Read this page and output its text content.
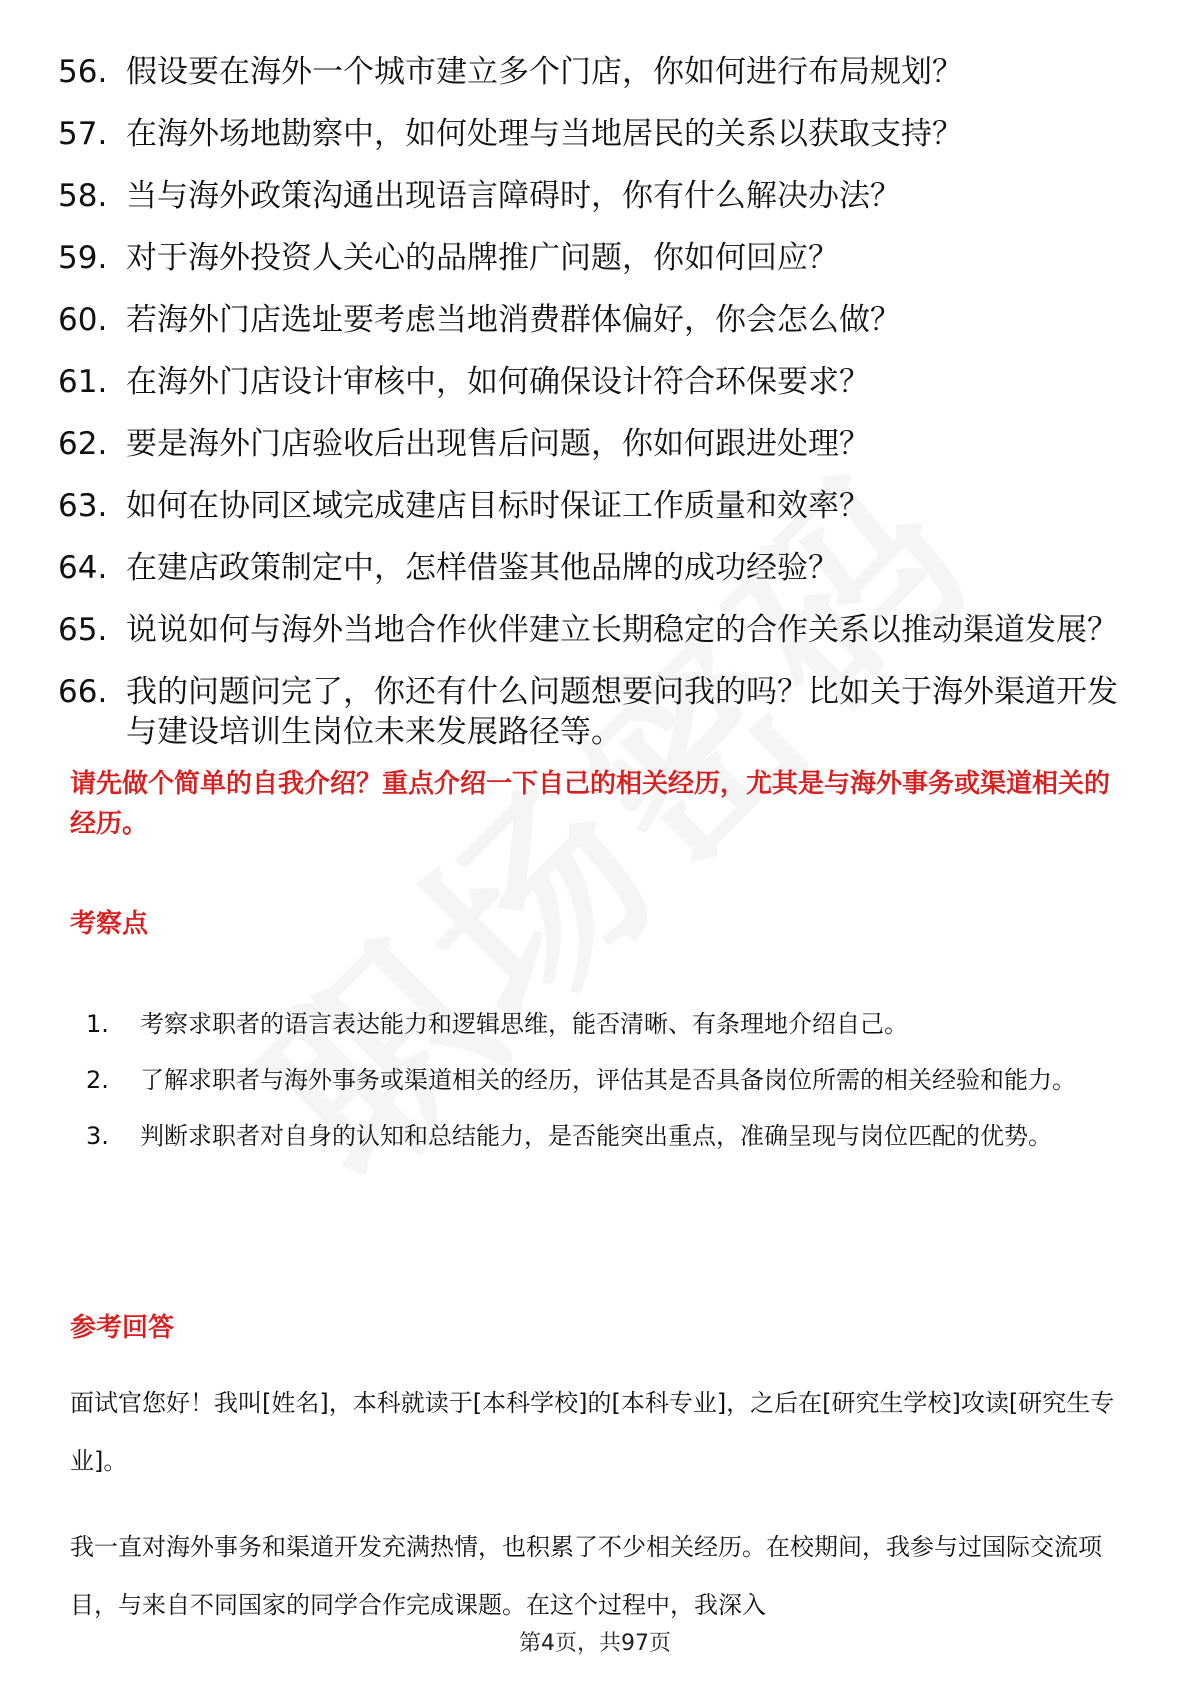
56. 假设要在海外一个城市建立多个门店，你如何进行布局规划？
57. 在海外场地勘察中，如何处理与当地居民的关系以获取支持？
58. 当与海外政策沟通出现语言障碍时，你有什么解决办法？
59. 对于海外投资人关心的品牌推广问题，你如何回应？
60. 若海外门店选址要考虑当地消费群体偏好，你会怎么做？
61. 在海外门店设计审核中，如何确保设计符合环保要求？
62. 要是海外门店验收后出现售后问题，你如何跟进处理？
63. 如何在协同区域完成建店目标时保证工作质量和效率？
64. 在建店政策制定中，怎样借鉴其他品牌的成功经验？
65. 说说如何与海外当地合作伙伴建立长期稳定的合作关系以推动渠道发展？
66. 我的问题问完了，你还有什么问题想要问我的吗？比如关于海外渠道开发与建设培训生岗位未来发展路径等。
请先做个简单的自我介绍？重点介绍一下自己的相关经历，尤其是与海外事务或渠道相关的经历。
考察点
1.	考察求职者的语言表达能力和逻辑思维，能否清晰、有条理地介绍自己。
2.	了解求职者与海外事务或渠道相关的经历，评估其是否具备岗位所需的相关经验和能力。
3.	判断求职者对自身的认知和总结能力，是否能突出重点，准确呈现与岗位匹配的优势。
参考回答

面试官您好！我叫[姓名]，本科就读于[本科学校]的[本科专业]，之后在[研究生学校]攻读[研究生专业]。

我一直对海外事务和渠道开发充满热情，也积累了不少相关经历。在校期间，我参与过国际交流项目，与来自不同国家的同学合作完成课题。在这个过程中，我深入

第4页，共97页
